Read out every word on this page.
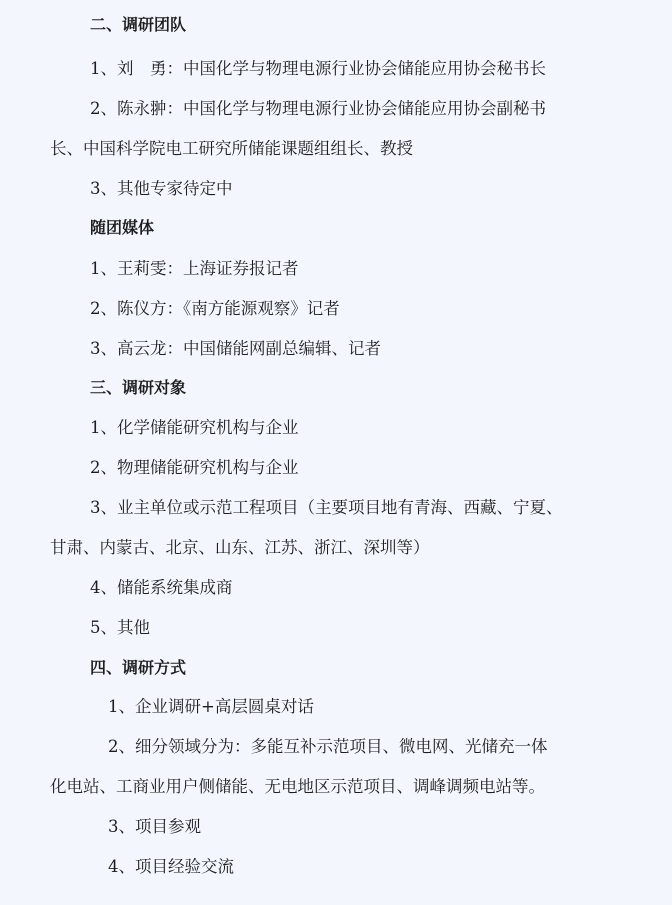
二、调研团队
1、刘　勇：中国化学与物理电源行业协会储能应用协会秘书长
2、陈永翀：中国化学与物理电源行业协会储能应用协会副秘书
长、中国科学院电工研究所储能课题组组长、教授
3、其他专家待定中
随团媒体
1、王莉雯：上海证券报记者
2、陈仪方：《南方能源观察》记者
3、高云龙：中国储能网副总编辑、记者
三、调研对象
1、化学储能研究机构与企业
2、物理储能研究机构与企业
3、业主单位或示范工程项目（主要项目地有青海、西藏、宁夏、
甘肃、内蒙古、北京、山东、江苏、浙江、深圳等）
4、储能系统集成商
5、其他
四、调研方式
1、企业调研+高层圆桌对话
2、细分领域分为：多能互补示范项目、微电网、光储充一体
化电站、工商业用户侧储能、无电地区示范项目、调峰调频电站等。
3、项目参观
4、项目经验交流
